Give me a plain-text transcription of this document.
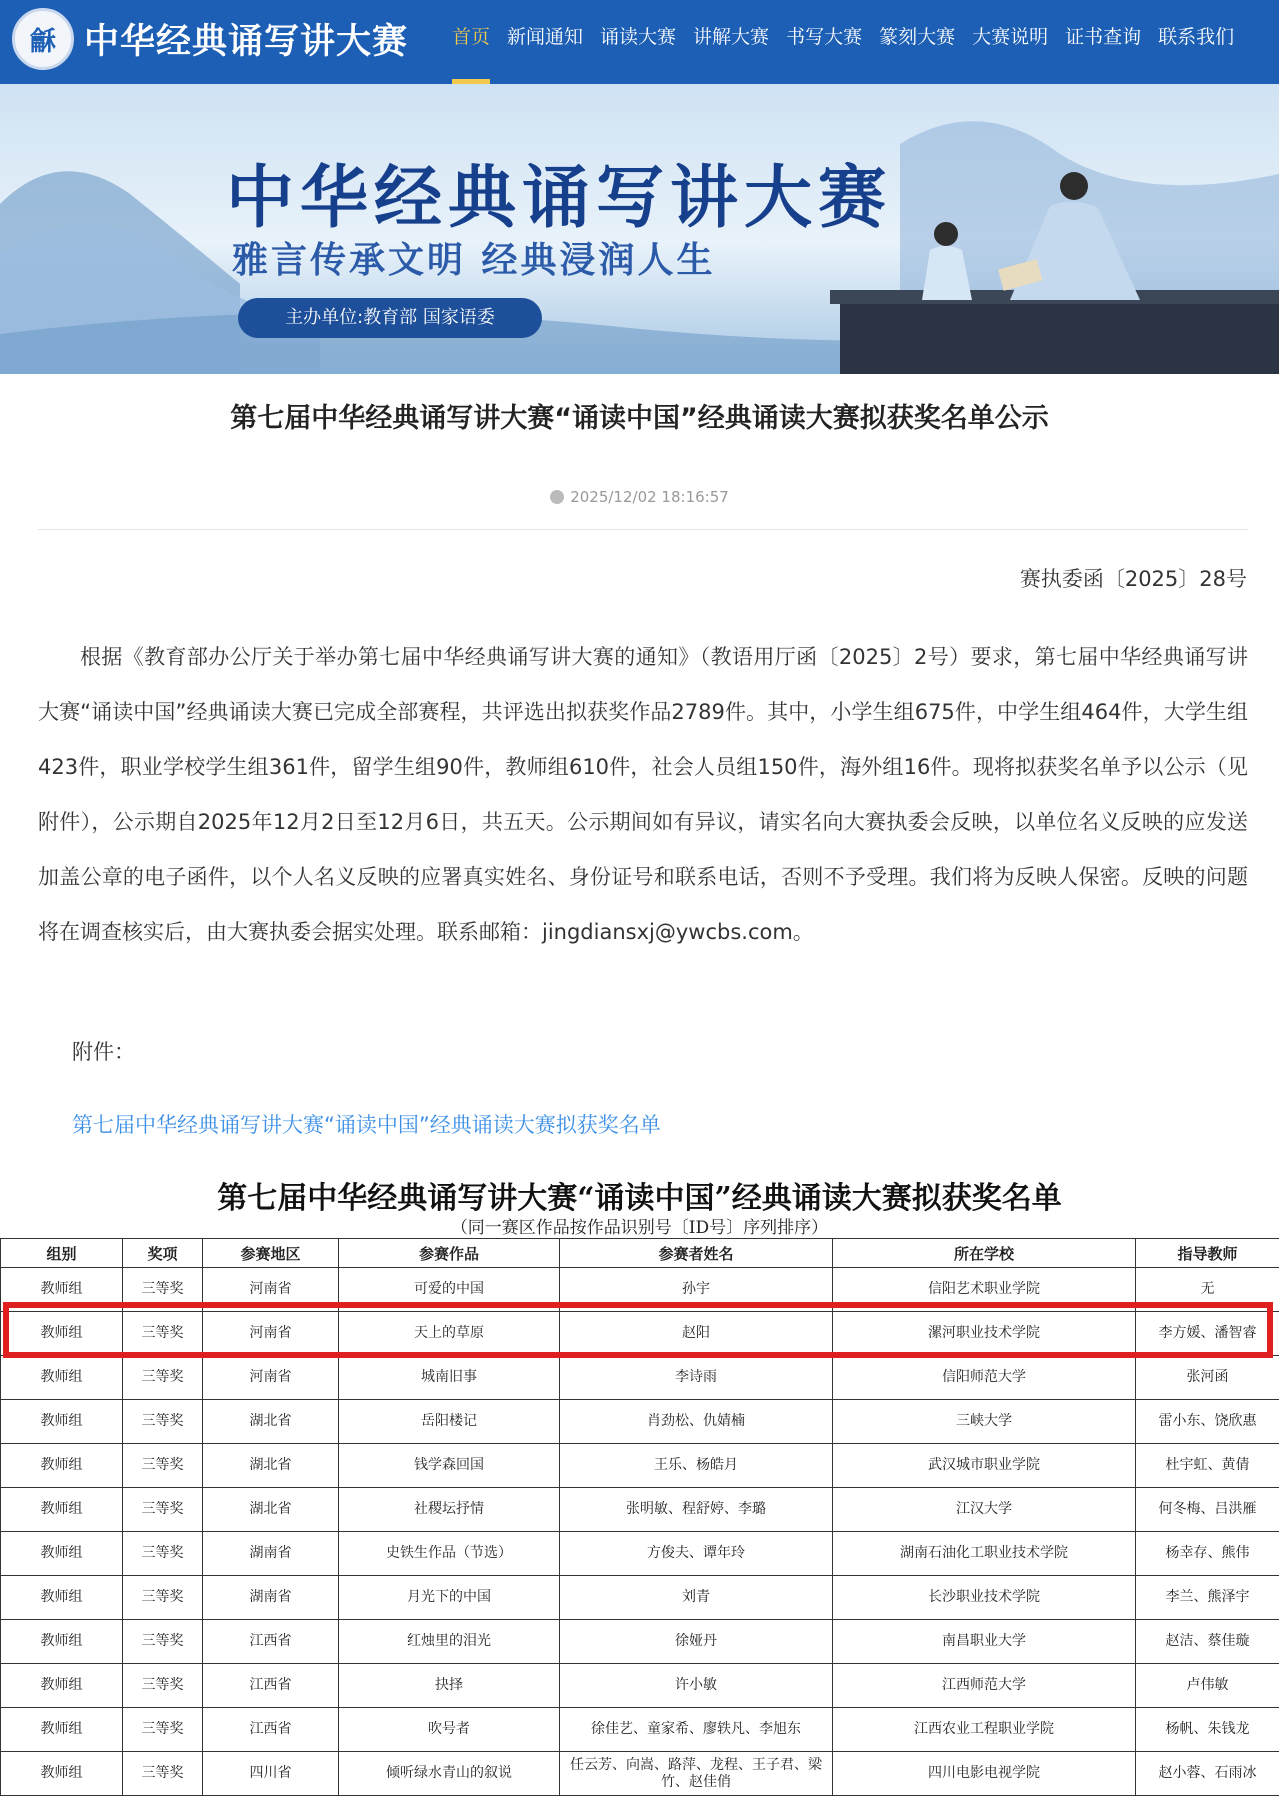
龢 中华经典诵写讲大赛 首页 新闻通知 诵读大赛 讲解大赛 书写大赛 篆刻大赛 大赛说明 证书查询 联系我们
中华经典诵写讲大赛
雅言传承文明 经典浸润人生
主办单位:教育部 国家语委
第七届中华经典诵写讲大赛“诵读中国”经典诵读大赛拟获奖名单公示
2025/12/02 18:16:57
赛执委函〔2025〕28号
根据《教育部办公厅关于举办第七届中华经典诵写讲大赛的通知》（教语用厅函〔2025〕2号）要求，第七届中华经典诵写讲大赛“诵读中国”经典诵读大赛已完成全部赛程，共评选出拟获奖作品2789件。其中，小学生组675件，中学生组464件，大学生组423件，职业学校学生组361件，留学生组90件，教师组610件，社会人员组150件，海外组16件。现将拟获奖名单予以公示（见附件），公示期自2025年12月2日至12月6日，共五天。公示期间如有异议，请实名向大赛执委会反映，以单位名义反映的应发送加盖公章的电子函件，以个人名义反映的应署真实姓名、身份证号和联系电话，否则不予受理。我们将为反映人保密。反映的问题将在调查核实后，由大赛执委会据实处理。联系邮箱：jingdiansxj@ywcbs.com。
附件：
第七届中华经典诵写讲大赛“诵读中国”经典诵读大赛拟获奖名单
第七届中华经典诵写讲大赛“诵读中国”经典诵读大赛拟获奖名单
（同一赛区作品按作品识别号〔ID号〕序列排序）
组别	奖项	参赛地区	参赛作品	参赛者姓名	所在学校	指导教师
教师组	三等奖	河南省	可爱的中国	孙宇	信阳艺术职业学院	无
教师组	三等奖	河南省	天上的草原	赵阳	漯河职业技术学院	李方媛、潘智睿
教师组	三等奖	河南省	城南旧事	李诗雨	信阳师范大学	张河函
教师组	三等奖	湖北省	岳阳楼记	肖劲松、仇婧楠	三峡大学	雷小东、饶欣惠
教师组	三等奖	湖北省	钱学森回国	王乐、杨皓月	武汉城市职业学院	杜宇虹、黄倩
教师组	三等奖	湖北省	社稷坛抒情	张明敏、程舒婷、李璐	江汉大学	何冬梅、吕洪雁
教师组	三等奖	湖南省	史铁生作品（节选）	方俊夫、谭年玲	湖南石油化工职业技术学院	杨幸存、熊伟
教师组	三等奖	湖南省	月光下的中国	刘青	长沙职业技术学院	李兰、熊泽宇
教师组	三等奖	江西省	红烛里的泪光	徐娅丹	南昌职业大学	赵洁、蔡佳璇
教师组	三等奖	江西省	抉择	许小敏	江西师范大学	卢伟敏
教师组	三等奖	江西省	吹号者	徐佳艺、童家希、廖轶凡、李旭东	江西农业工程职业学院	杨帆、朱钱龙
教师组	三等奖	四川省	倾听绿水青山的叙说	任云芳、向嵩、路萍、龙程、王子君、梁竹、赵佳俏	四川电影电视学院	赵小蓉、石雨冰
